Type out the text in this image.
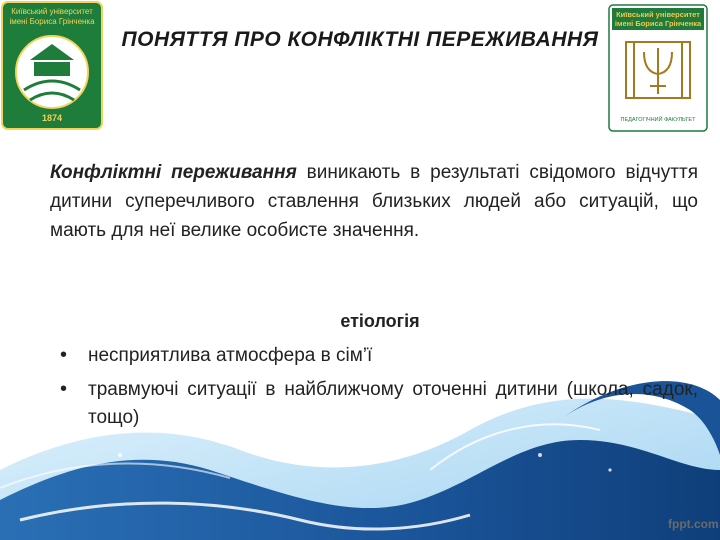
Київський університет
імені Бориса Грінченка
1874
Київський університет
імені Бориса Грінченка
ПЕДАГОГІЧНИЙ ФАКУЛЬТЕТ
ПОНЯТТЯ ПРО КОНФЛІКТНІ ПЕРЕЖИВАННЯ

Конфліктні переживання виникають в результаті свідомого відчуття дитини суперечливого ставлення близьких людей або ситуацій, що мають для неї велике особисте значення.

етіологія
• несприятлива атмосфера в сім’ї
• травмуючі ситуації в найближчому оточенні дитини (школа, садок, тощо)
fppt.com
